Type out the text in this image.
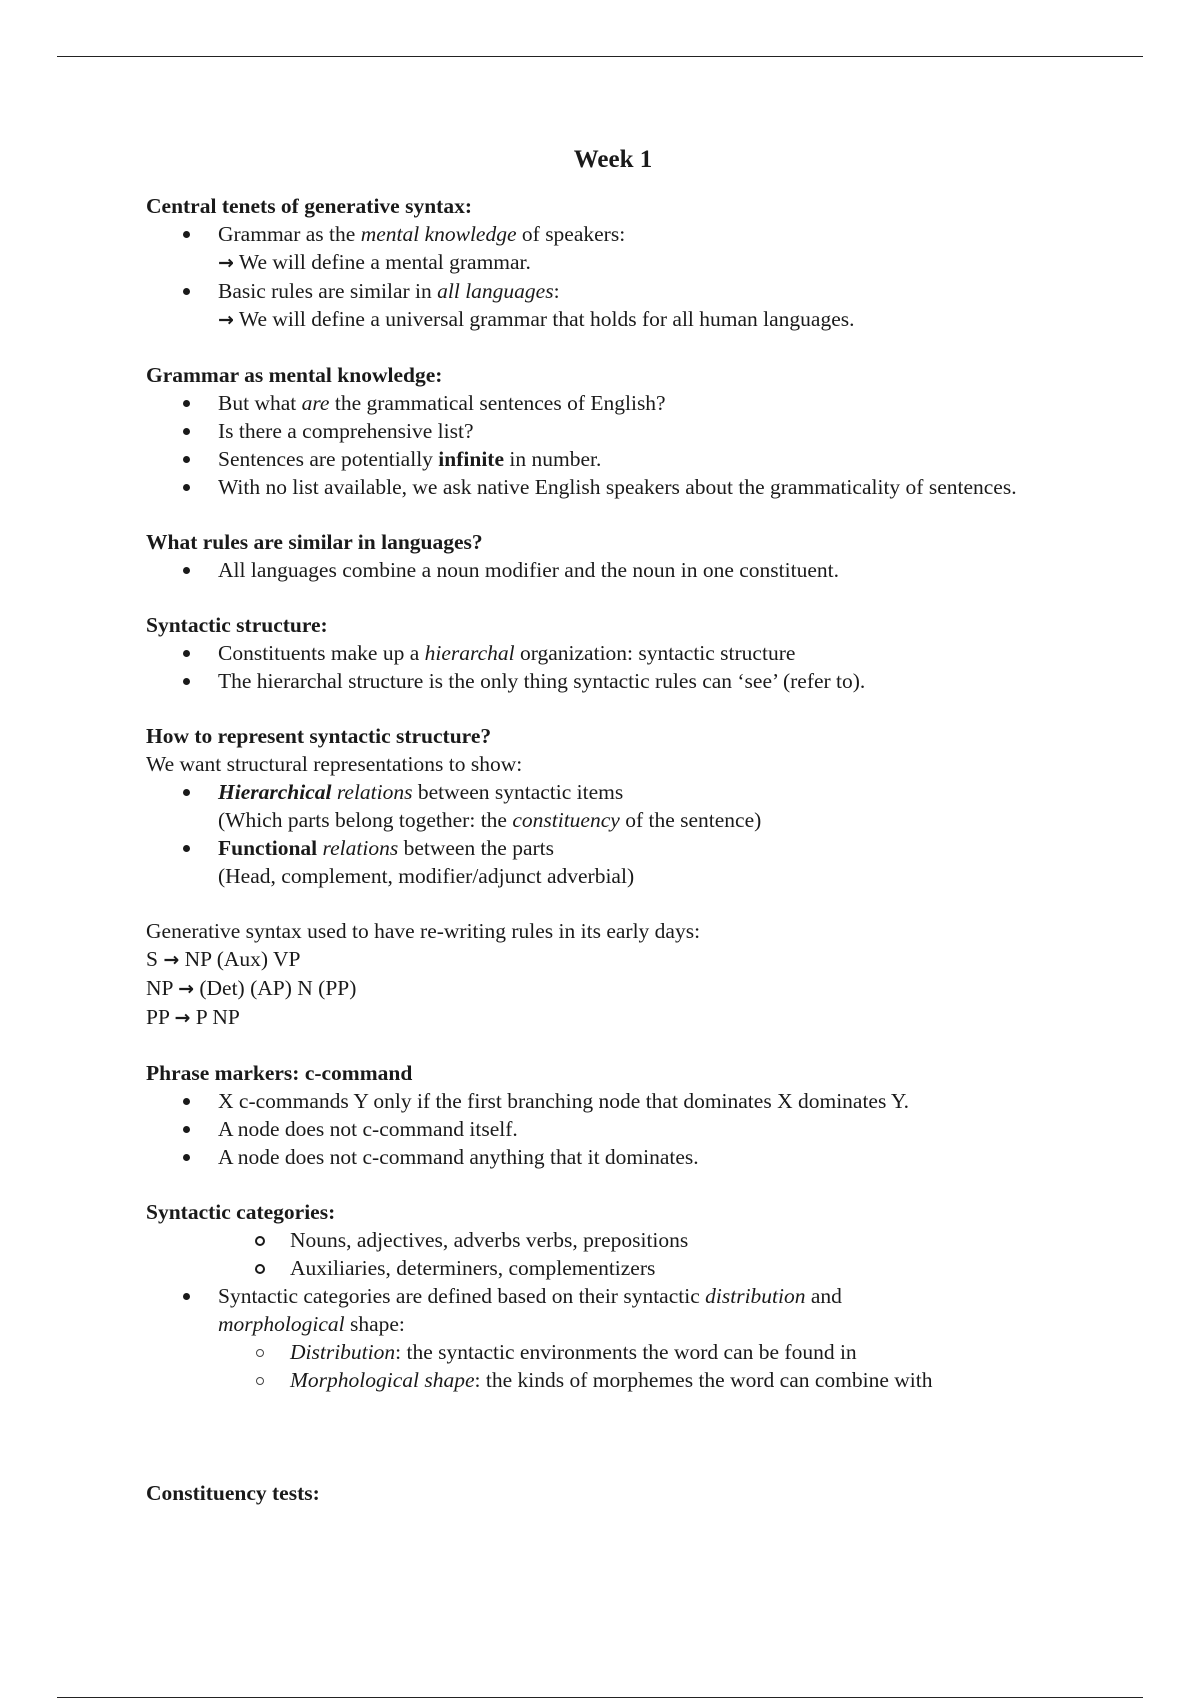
Week 1
Central tenets of generative syntax:
Grammar as the mental knowledge of speakers:
→ We will define a mental grammar.
Basic rules are similar in all languages:
→ We will define a universal grammar that holds for all human languages.
Grammar as mental knowledge:
But what are the grammatical sentences of English?
Is there a comprehensive list?
Sentences are potentially infinite in number.
With no list available, we ask native English speakers about the grammaticality of sentences.
What rules are similar in languages?
All languages combine a noun modifier and the noun in one constituent.
Syntactic structure:
Constituents make up a hierarchal organization: syntactic structure
The hierarchal structure is the only thing syntactic rules can ‘see’ (refer to).
How to represent syntactic structure?
We want structural representations to show:
Hierarchical relations between syntactic items
(Which parts belong together: the constituency of the sentence)
Functional relations between the parts
(Head, complement, modifier/adjunct adverbial)
Generative syntax used to have re-writing rules in its early days:
S → NP (Aux) VP
NP → (Det) (AP) N (PP)
PP → P NP
Phrase markers: c-command
X c-commands Y only if the first branching node that dominates X dominates Y.
A node does not c-command itself.
A node does not c-command anything that it dominates.
Syntactic categories:
Nouns, adjectives, adverbs verbs, prepositions
Auxiliaries, determiners, complementizers
Syntactic categories are defined based on their syntactic distribution and
morphological shape:
Distribution: the syntactic environments the word can be found in
Morphological shape: the kinds of morphemes the word can combine with
Constituency tests:
